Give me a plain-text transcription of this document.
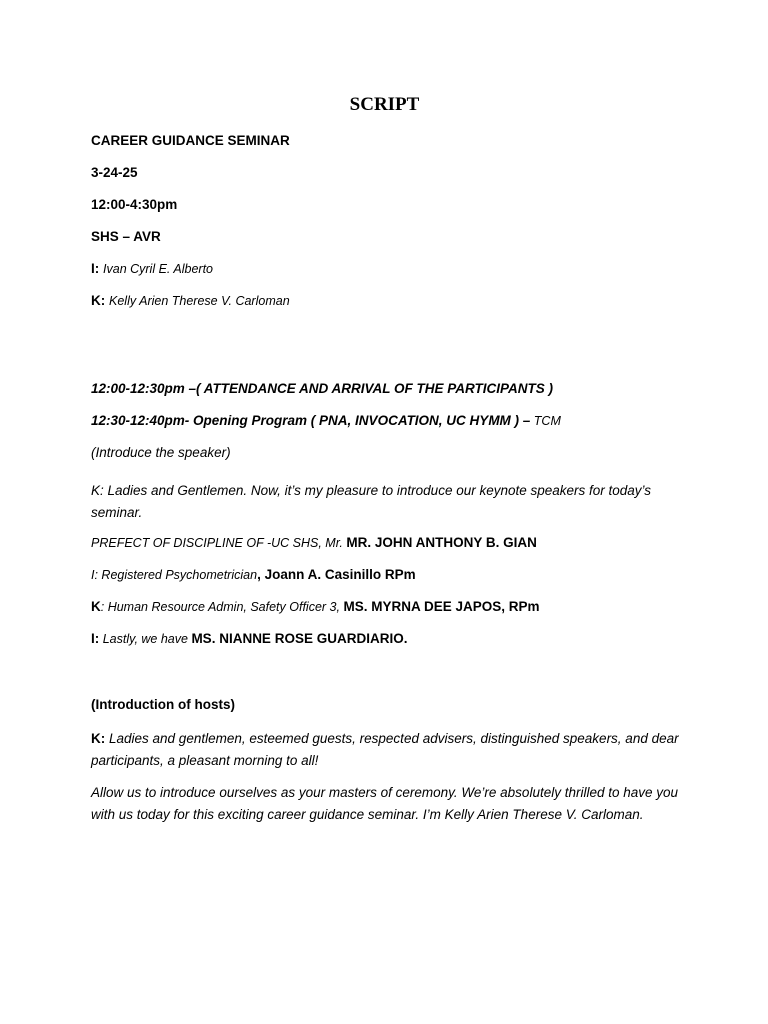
SCRIPT
CAREER GUIDANCE SEMINAR
3-24-25
12:00-4:30pm
SHS – AVR
I: Ivan Cyril E. Alberto
K: Kelly Arien Therese V. Carloman
12:00-12:30pm –( ATTENDANCE AND ARRIVAL OF THE PARTICIPANTS )
12:30-12:40pm- Opening Program ( PNA, INVOCATION, UC HYMM ) – TCM
(Introduce the speaker)
K: Ladies and Gentlemen. Now, it’s my pleasure to introduce our keynote speakers for today’s seminar.
PREFECT OF DISCIPLINE OF -UC SHS, Mr. MR. JOHN ANTHONY B. GIAN
I: Registered Psychometrician, Joann A. Casinillo RPm
K: Human Resource Admin, Safety Officer 3, MS. MYRNA DEE JAPOS, RPm
I: Lastly, we have MS. NIANNE ROSE GUARDIARIO.
(Introduction of hosts)
K: Ladies and gentlemen, esteemed guests, respected advisers, distinguished speakers, and dear participants, a pleasant morning to all!
Allow us to introduce ourselves as your masters of ceremony. We’re absolutely thrilled to have you with us today for this exciting career guidance seminar. I’m Kelly Arien Therese V. Carloman.
